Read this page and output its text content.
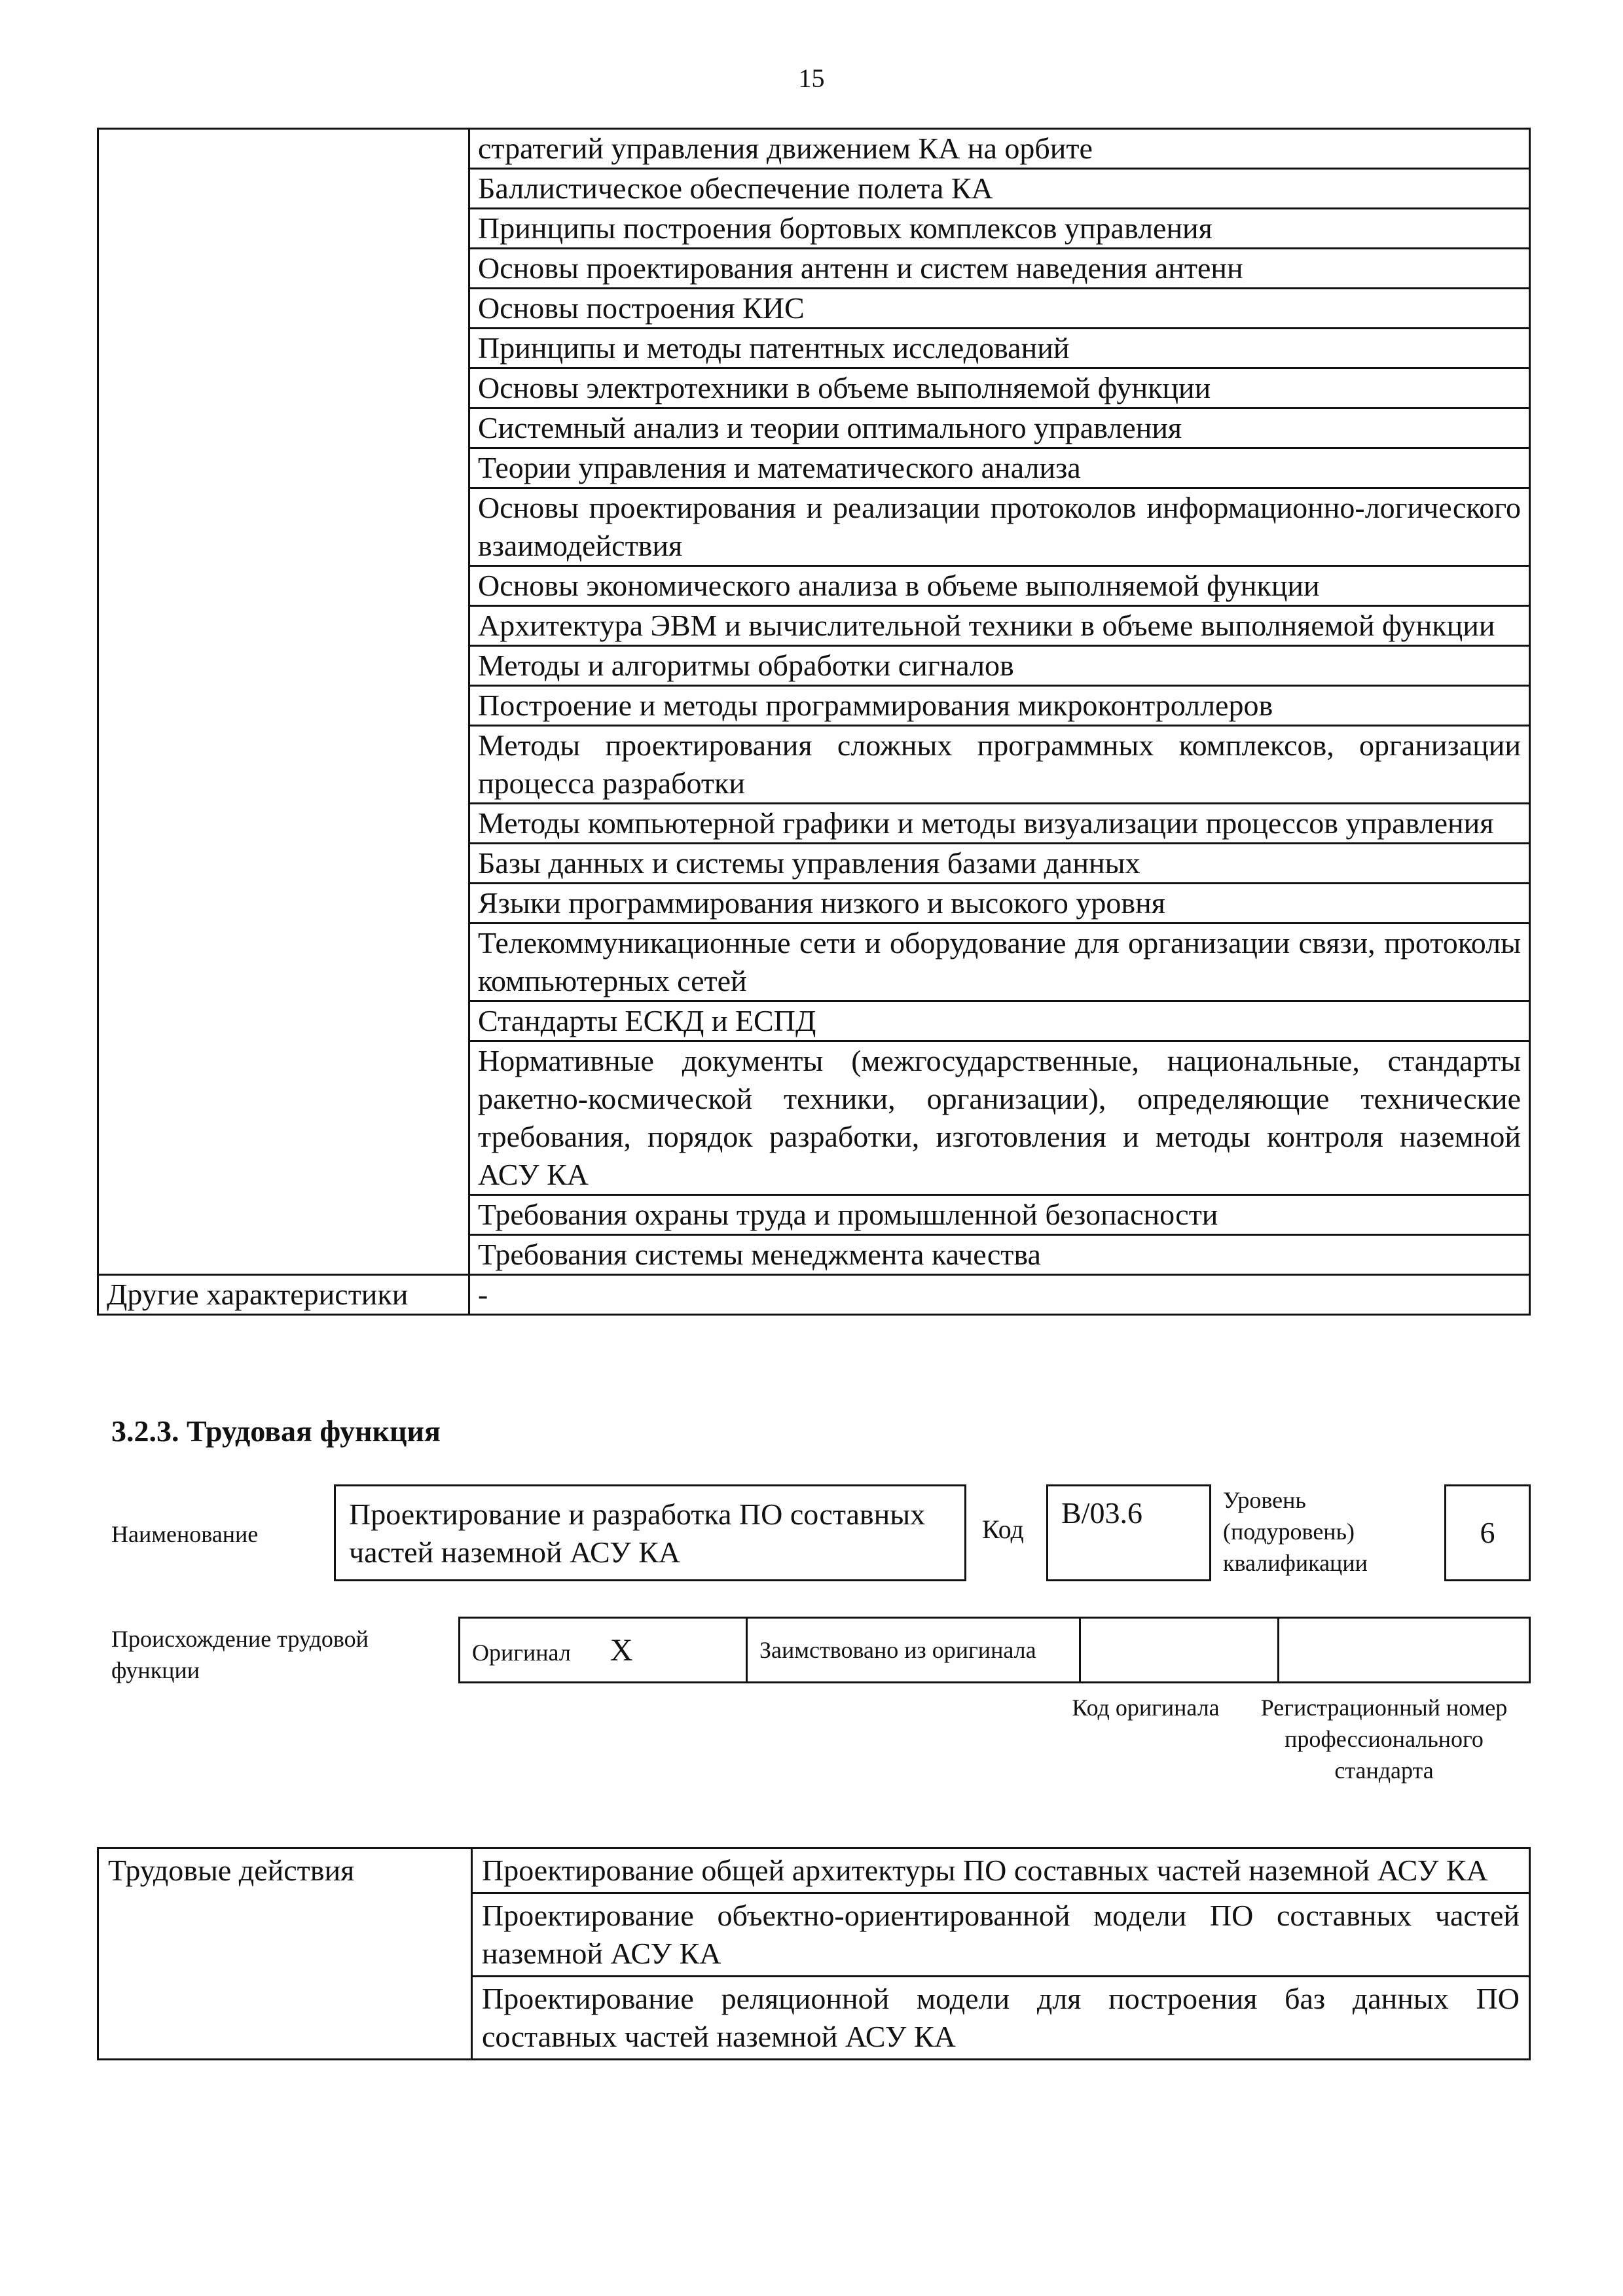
15
	стратегий управления движением КА на орбите
	Баллистическое обеспечение полета КА
	Принципы построения бортовых комплексов управления
	Основы проектирования антенн и систем наведения антенн
	Основы построения КИС
	Принципы и методы патентных исследований
	Основы электротехники в объеме выполняемой функции
	Системный анализ и теории оптимального управления
	Теории управления и математического анализа
	Основы проектирования и реализации протоколов информационно-логического взаимодействия
	Основы экономического анализа в объеме выполняемой функции
	Архитектура ЭВМ и вычислительной техники в объеме выполняемой функции
	Методы и алгоритмы обработки сигналов
	Построение и методы программирования микроконтроллеров
	Методы проектирования сложных программных комплексов, организации процесса разработки
	Методы компьютерной графики и методы визуализации процессов управления
	Базы данных и системы управления базами данных
	Языки программирования низкого и высокого уровня
	Телекоммуникационные сети и оборудование для организации связи, протоколы компьютерных сетей
	Стандарты ЕСКД и ЕСПД
	Нормативные документы (межгосударственные, национальные, стандарты ракетно-космической техники, организации), определяющие технические требования, порядок разработки, изготовления и методы контроля наземной АСУ КА
	Требования охраны труда и промышленной безопасности
	Требования системы менеджмента качества
Другие характеристики	-
3.2.3. Трудовая функция
Наименование
Проектирование и разработка ПО составных частей наземной АСУ КА
Код	B/03.6	Уровень (подуровень) квалификации
6
Происхождение трудовой функции
Оригинал X	Заимствовано из оригинала		
Код оригинала	Регистрационный номер профессионального стандарта
Трудовые действия	Проектирование общей архитектуры ПО составных частей наземной АСУ КА
Проектирование объектно-ориентированной модели ПО составных частей наземной АСУ КА
Проектирование реляционной модели для построения баз данных ПО составных частей наземной АСУ КА
